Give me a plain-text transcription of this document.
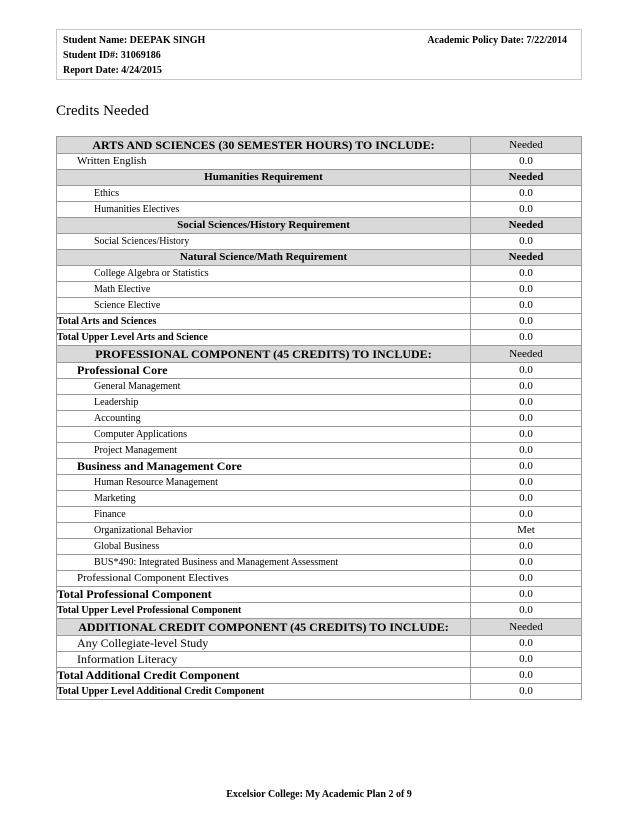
Student Name: DEEPAK SINGH	Academic Policy Date: 7/22/2014
Student ID#: 31069186
Report Date: 4/24/2015
Credits Needed
ARTS AND SCIENCES (30 SEMESTER HOURS) TO INCLUDE:	Needed
Written English	0.0
Humanities Requirement	Needed
Ethics	0.0
Humanities Electives	0.0
Social Sciences/History Requirement	Needed
Social Sciences/History	0.0
Natural Science/Math Requirement	Needed
College Algebra or Statistics	0.0
Math Elective	0.0
Science Elective	0.0
Total Arts and Sciences	0.0
Total Upper Level Arts and Science	0.0
PROFESSIONAL COMPONENT (45 CREDITS) TO INCLUDE:	Needed
Professional Core	0.0
General Management	0.0
Leadership	0.0
Accounting	0.0
Computer Applications	0.0
Project Management	0.0
Business and Management Core	0.0
Human Resource Management	0.0
Marketing	0.0
Finance	0.0
Organizational Behavior	Met
Global Business	0.0
BUS*490: Integrated Business and Management Assessment	0.0
Professional Component Electives	0.0
Total Professional Component	0.0
Total Upper Level Professional Component	0.0
ADDITIONAL CREDIT COMPONENT (45 CREDITS) TO INCLUDE:	Needed
Any Collegiate-level Study	0.0
Information Literacy	0.0
Total Additional Credit Component	0.0
Total Upper Level Additional Credit Component	0.0
Excelsior College: My Academic Plan 2 of 9
